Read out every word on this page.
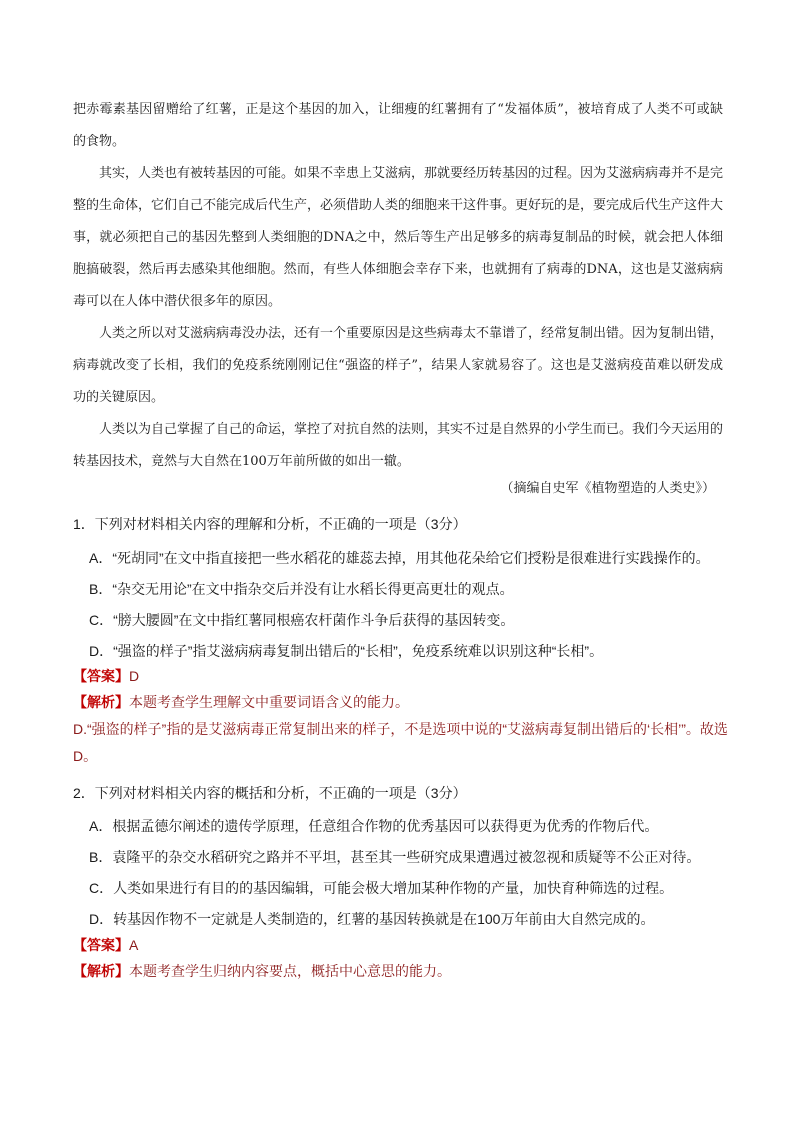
把赤霉素基因留赠给了红薯，正是这个基因的加入，让细瘦的红薯拥有了“发福体质”，被培育成了人类不可或缺的食物。

其实，人类也有被转基因的可能。如果不幸患上艾滋病，那就要经历转基因的过程。因为艾滋病病毒并不是完整的生命体，它们自己不能完成后代生产，必须借助人类的细胞来干这件事。更好玩的是，要完成后代生产这件大事，就必须把自己的基因先整到人类细胞的DNA之中，然后等生产出足够多的病毒复制品的时候，就会把人体细胞搞破裂，然后再去感染其他细胞。然而，有些人体细胞会幸存下来，也就拥有了病毒的DNA，这也是艾滋病病毒可以在人体中潜伏很多年的原因。

人类之所以对艾滋病病毒没办法，还有一个重要原因是这些病毒太不靠谱了，经常复制出错。因为复制出错，病毒就改变了长相，我们的免疫系统刚刚记住“强盗的样子”，结果人家就易容了。这也是艾滋病疫苗难以研发成功的关键原因。

人类以为自己掌握了自己的命运，掌控了对抗自然的法则，其实不过是自然界的小学生而已。我们今天运用的转基因技术，竟然与大自然在100万年前所做的如出一辙。

（摘编自史军《植物塑造的人类史》）
1．下列对材料相关内容的理解和分析，不正确的一项是（3分）
A．“死胡同”在文中指直接把一些水稻花的雄蕊去掉，用其他花朵给它们授粉是很难进行实践操作的。
B．“杂交无用论”在文中指杂交后并没有让水稻长得更高更壮的观点。
C．“膀大腰圆”在文中指红薯同根癌农杆菌作斗争后获得的基因转变。
D．“强盗的样子”指艾滋病病毒复制出错后的“长相”，免疫系统难以识别这种“长相”。
【答案】D
【解析】本题考查学生理解文中重要词语含义的能力。
D.“强盗的样子”指的是艾滋病毒正常复制出来的样子，不是选项中说的“艾滋病毒复制出错后的‘长相’”。故选D。
2．下列对材料相关内容的概括和分析，不正确的一项是（3分）
A．根据孟德尔阐述的遗传学原理，任意组合作物的优秀基因可以获得更为优秀的作物后代。
B．袁隆平的杂交水稻研究之路并不平坦，甚至其一些研究成果遭遇过被忽视和质疑等不公正对待。
C．人类如果进行有目的的基因编辑，可能会极大增加某种作物的产量，加快育种筛选的过程。
D．转基因作物不一定就是人类制造的，红薯的基因转换就是在100万年前由大自然完成的。
【答案】A
【解析】本题考查学生归纳内容要点，概括中心意思的能力。
